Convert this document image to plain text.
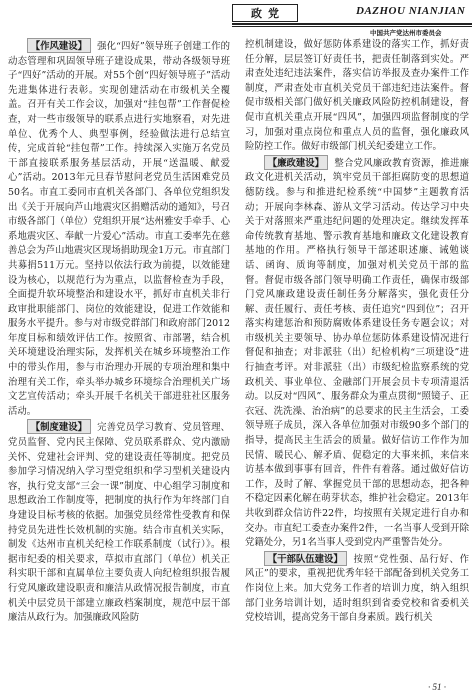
政党	DAZHOU NIANJIAN
中国共产党达州市委员会

【作风建设】 强化“四好”领导班子创建工作的动态管理和巩固领导班子建设成果，带动各级领导班子“四好”活动的开展。对55个创“四好领导班子”活动先进集体进行表彰。实现创建活动在市级机关全覆盖。召开有关工作会议，加强对“挂包帮”工作督促检查，对一些市级领导的联系点进行实地察看，对先进单位、优秀个人、典型事例，经验做法进行总结宣传，完成首轮“挂包帮”工作。持续深入实施万名党员干部直接联系服务基层活动，开展“送温暖、献爱心”活动。2013年元旦春节慰问老党员生活困难党员50名。市直工委同市直机关各部门、各单位党组织发出《关于开展向芦山地震灾区捐赠活动的通知》，号召市级各部门（单位）党组织开展“达州雅安手牵手、心系地震灾区、奉献一片爱心”活动。市直工委率先在慈善总会为芦山地震灾区现场捐助现金1万元。市直部门共募捐511万元。坚持以依法行政为前提，以效能建设为核心，以规范行为为重点，以监督检查为手段，全面提升软环境整治和建设水平，抓好市直机关非行政审批职能部门、岗位的效能建设，促进工作效能和服务水平提升。参与对市级党群部门和政府部门2012年度目标和绩效评估工作。按照省、市部署，结合机关环境建设治理实际，发挥机关在城乡环境整治工作中的带头作用，参与市治理办开展的专项治理和集中治理有关工作，牵头举办城乡环境综合治理机关广场文艺宣传活动；牵头开展千名机关干部进驻社区服务活动。

【制度建设】 完善党员学习教育、党员管理、党员监督、党内民主保障、党员联系群众、党内激励关怀、党建社会评判、党的建设责任等制度。把党员参加学习情况纳入学习型党组织和学习型机关建设内容，执行党支部“三会一课”制度、中心组学习制度和思想政治工作制度等，把制度的执行作为年终部门自身建设目标考核的依据。加强党员经常性受教育和保持党员先进性长效机制的实施。结合市直机关实际，制发《达州市直机关纪检工作联系制度（试行）》。根据市纪委的相关要求，草拟市直部门（单位）机关正科实职干部和直属单位主要负责人向纪检组织报告履行党风廉政建设职责和廉洁从政情况报告制度，市直机关中层党员干部建立廉政档案制度，规范中层干部廉洁从政行为。加强廉政风险防

控机制建设，做好惩防体系建设的落实工作，抓好责任分解，层层签订好责任书，把责任制落到实处。严肃查处违纪违法案件，落实信访举报及查办案件工作制度，严肃查处市直机关党员干部违纪违法案件。督促市级相关部门做好机关廉政风险防控机制建设，督促市直机关重点开展“四风”，加强四项监督制度的学习，加强对重点岗位和重点人员的监督，强化廉政风险防控工作。做好市级部门机关纪委建立工作。

【廉政建设】 整合党风廉政教育资源，推进廉政文化进机关活动，筑牢党员干部拒腐防变的思想道德防线。参与和推进纪检系统“中国梦”主题教育活动；开展向李林森、游从文学习活动。传达学习中央关于对落照来严重违纪问题的处理决定。继续发挥革命传统教育基地、警示教育基地和廉政文化建设教育基地的作用。严格执行领导干部述职述廉、诫勉谈话、函询、质询等制度，加强对机关党员干部的监督。督促市级各部门领导明确工作责任，确保市级部门党风廉政建设责任制任务分解落实，强化责任分解、责任履行、责任考核、责任追究“四到位”；召开落实构建惩治和预防腐败体系建设任务专题会议；对市级机关主要领导、协办单位惩防体系建设情况进行督促和抽查；对非派驻（出）纪检机构“三项建设”进行抽查考评。对非派驻（出）市级纪检监察系统的党政机关、事业单位、金融部门开展会员卡专项清退活动。以反对“四风”、服务群众为重点贯彻“照镜子、正衣冠、洗洗澡、治治病”的总要求的民主生活会，工委领导班子成员，深入各单位加强对市级90多个部门的指导，提高民主生活会的质量。做好信访工作作为加民情、暖民心、解矛盾、促稳定的大事来抓，来信来访基本做到事事有回音，件件有着落。通过做好信访工作，及时了解、掌握党员干部的思想动态，把各种不稳定因素化解在萌芽状态，维护社会稳定。2013年共收到群众信访件22件，均按照有关规定进行自办和交办。市直纪工委查办案件2件，一名当事人受到开除党籍处分，另1名当事人受到党内严重警告处分。

【干部队伍建设】 按照“党性强、品行好、作风正”的要求，重视把优秀年轻干部配备到机关党务工作岗位上来。加大党务工作者的培训力度，纳入组织部门业务培训计划，适时组织到省委党校和省委机关党校培训，提高党务干部自身素质。践行机关

· 51 ·
